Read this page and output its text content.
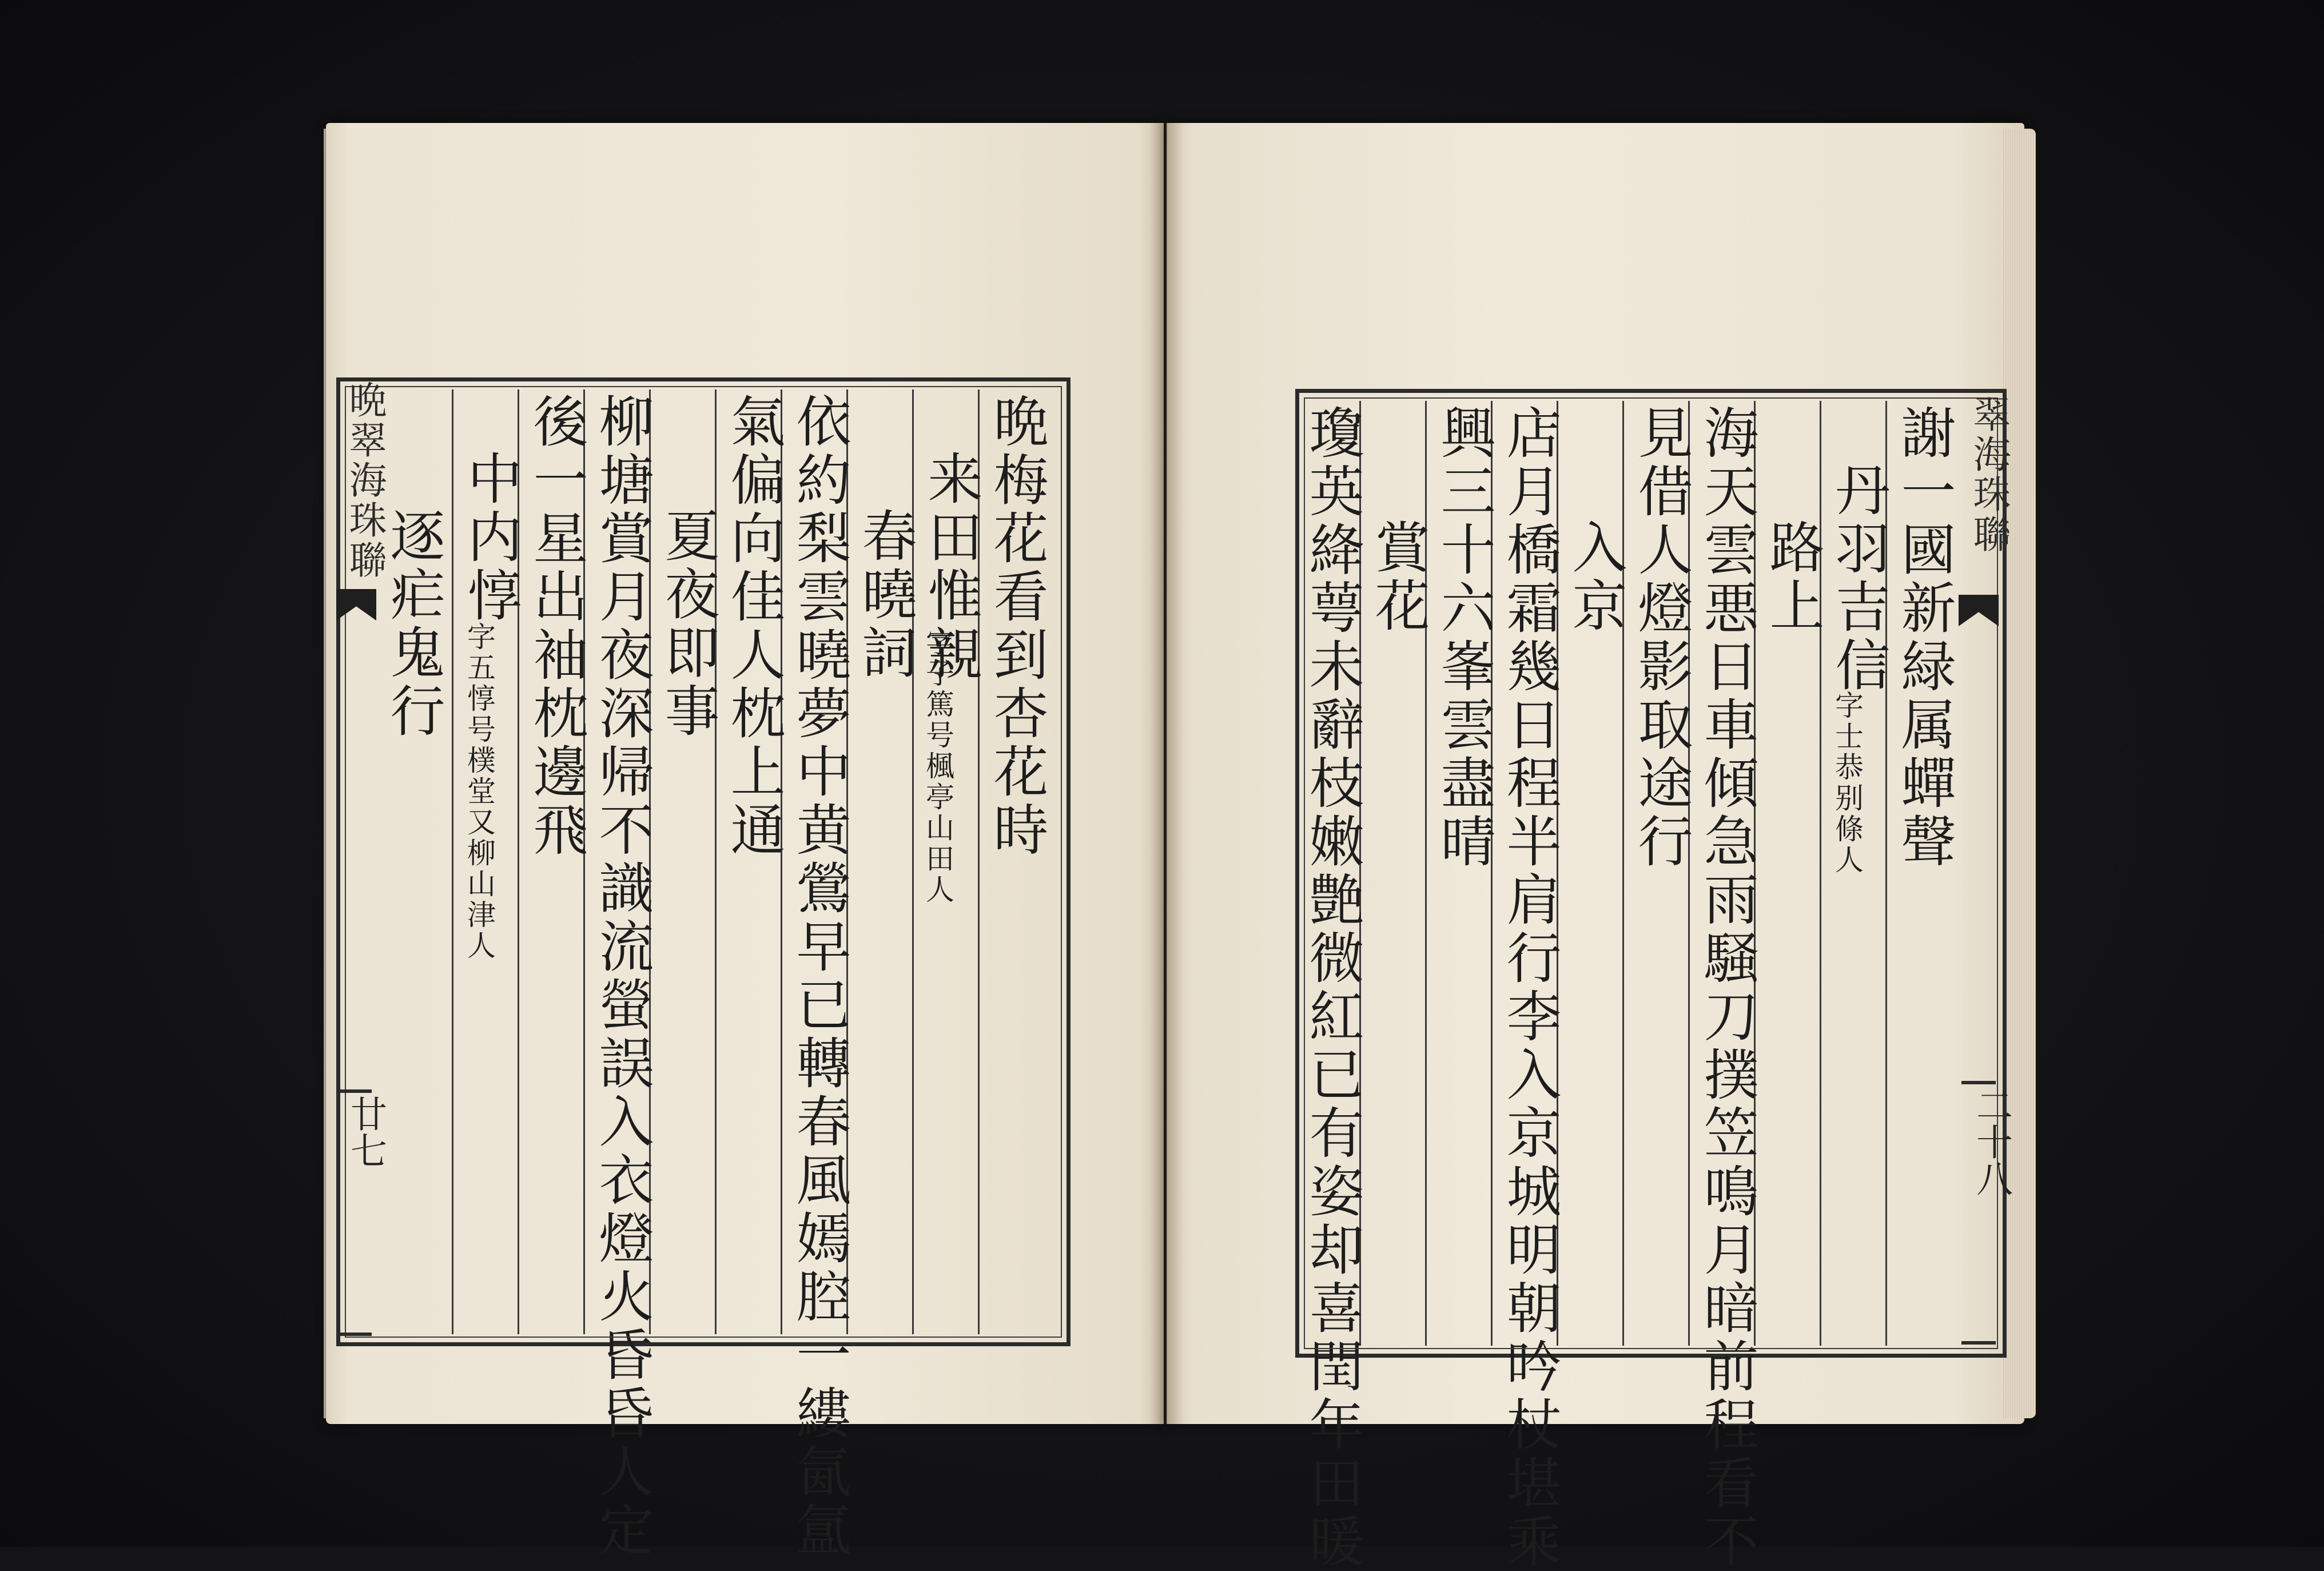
晩梅花看到杏花時
来田惟親
字子篤号楓亭山田人
春曉詞
依約梨雲曉夢中黄鶯早已轉春風嫣腔一縷氤氲
氣偏向佳人枕上通
夏夜即事
柳塘賞月夜深帰不識流螢誤入衣燈火昏昏人定
後一星出袖枕邊飛
中内惇
字五惇号樸堂又柳山津人
逐疟鬼行
晩翠海珠聯
廿七
謝一國新緑属蟬聲
丹羽吉信
字士恭别條人
路上
海天雲悪日車傾急雨騒刀撲笠鳴月暗前程看不
見借人燈影取途行
入京
店月橋霜幾日程半肩行李入京城明朝吟杖堪乘
興三十六峯雲盡晴
賞花
瓊英絳萼未辭枝嫩艶微紅已有姿却喜閏年田暖	翠海珠聯
二十八
